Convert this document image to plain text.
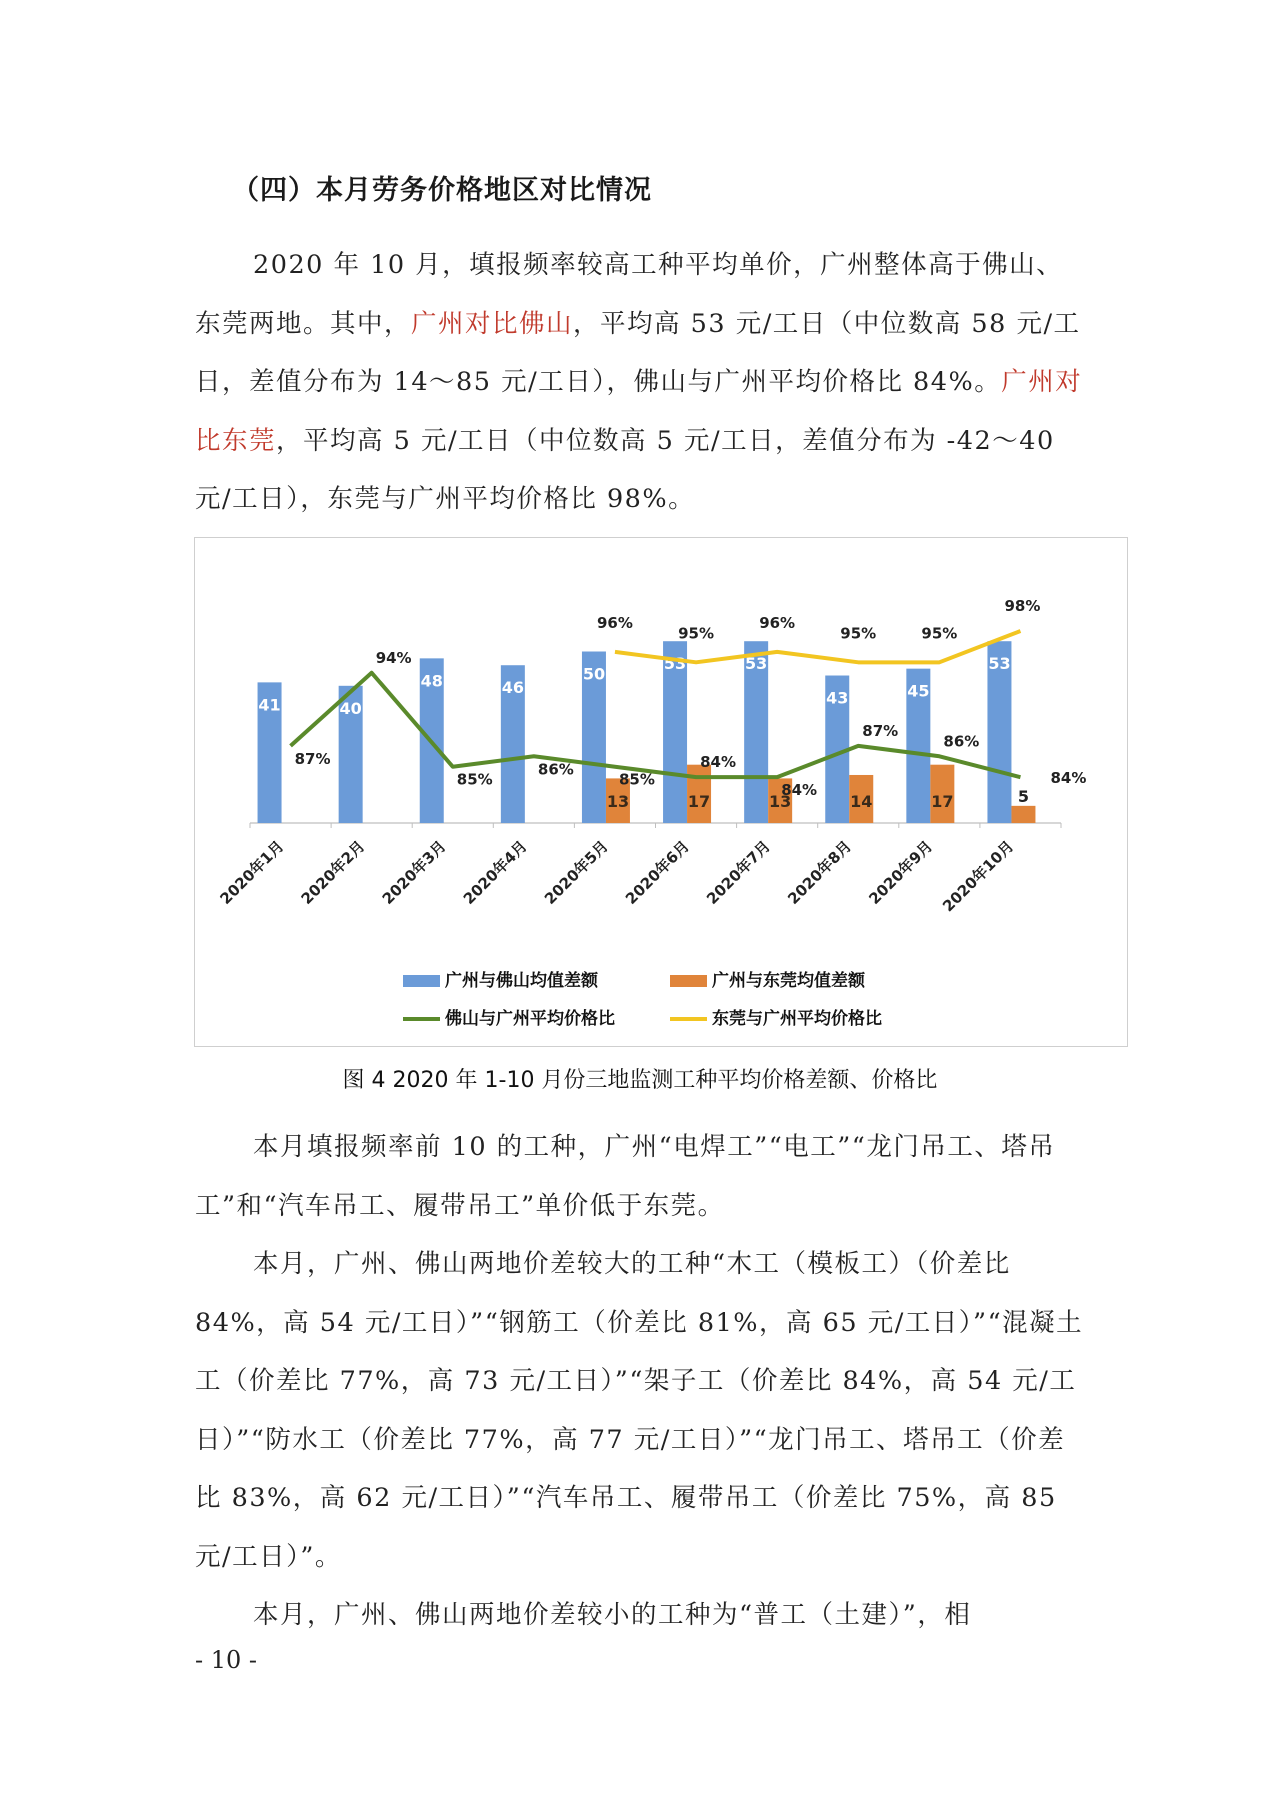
（四）本月劳务价格地区对比情况
2020 年 10 月，填报频率较高工种平均单价，广州整体高于佛山、东莞两地。其中，广州对比佛山，平均高 53 元/工日（中位数高 58 元/工日，差值分布为 14～85 元/工日），佛山与广州平均价格比 84%。广州对比东莞，平均高 5 元/工日（中位数高 5 元/工日，差值分布为 -42～40 元/工日），东莞与广州平均价格比 98%。
41	40
48	46
50
13
53
17
53
13
43
14
45
17
53
5
87%
94%
85%
86%
85%
84%
84%
87%
86%
84%
96%
95%
96%
95%	95%
98%
2020年1月 2020年2月 2020年3月 2020年4月 2020年5月 2020年6月 2020年7月 2020年8月 2020年9月 2020年10月
广州与佛山均值差额	广州与东莞均值差额
佛山与广州平均价格比	东莞与广州平均价格比
图 4 2020 年 1-10 月份三地监测工种平均价格差额、价格比
本月填报频率前 10 的工种，广州“电焊工”“电工”“龙门吊工、塔吊工”和“汽车吊工、履带吊工”单价低于东莞。
本月，广州、佛山两地价差较大的工种“木工（模板工）（价差比 84%，高 54 元/工日）”“钢筋工（价差比 81%，高 65 元/工日）”“混凝土工（价差比 77%，高 73 元/工日）”“架子工（价差比 84%，高 54 元/工日）”“防水工（价差比 77%，高 77 元/工日）”“龙门吊工、塔吊工（价差比 83%，高 62 元/工日）”“汽车吊工、履带吊工（价差比 75%，高 85 元/工日）”。
本月，广州、佛山两地价差较小的工种为“普工（土建）”，相
- 10 -
